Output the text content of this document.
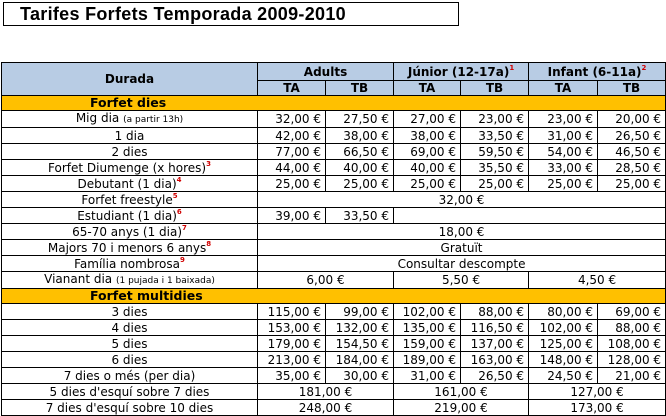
Tarifes Forfets Temporada 2009-2010
Durada	Adults		Júnior $(12-17a)^1$		Infant $(6-11a)^2$
	TA	TB	TA	TB	TA	TB
Forfet dies						
Mig dia (a partir 13h)	32,00 €	27,50 €	27,00 €	23,00 €	23,00 €	20,00 €
1 dia	42,00 €	38,00 €	38,00 €	33,50 €	31,00 €	26,50 €
2 dies	77,00 €	66,50 €	69,00 €	59,50 €	54,00 €	46,50 €
Forfet Diumenge (x hores)$^3$	44,00 €	40,00 €	40,00 €	35,50 €	33,00 €	28,50 €
Debutant (1 dia)$^4$	25,00 €	25,00 €	25,00 €	25,00 €	25,00 €	25,00 €
Forfet freestyle$^5$	32,00 €					
Estudiant (1 dia)$^6$	39,00 €	33,50 €				
65-70 anys (1 dia)$^7$	18,00 €					
Majors 70 i menors 6 anys$^8$	Gratuït					
Família nombrosa$^9$	Consultar descompte					
Vianant dia (1 pujada i 1 baixada)	6,00 €		5,50 €		4,50 €	
Forfet multidies						
3 dies	115,00 €	99,00 €	102,00 €	88,00 €	80,00 €	69,00 €
4 dies	153,00 €	132,00 €	135,00 €	116,50 €	102,00 €	88,00 €
5 dies	179,00 €	154,50 €	159,00 €	137,00 €	125,00 €	108,00 €
6 dies	213,00 €	184,00 €	189,00 €	163,00 €	148,00 €	128,00 €
7 dies o més (per dia)	35,00 €	30,00 €	31,00 €	26,50 €	24,50 €	21,00 €
5 dies d'esquí sobre 7 dies	181,00 €		161,00 €		127,00 €	
7 dies d'esquí sobre 10 dies	248,00 €		219,00 €		173,00 €	
